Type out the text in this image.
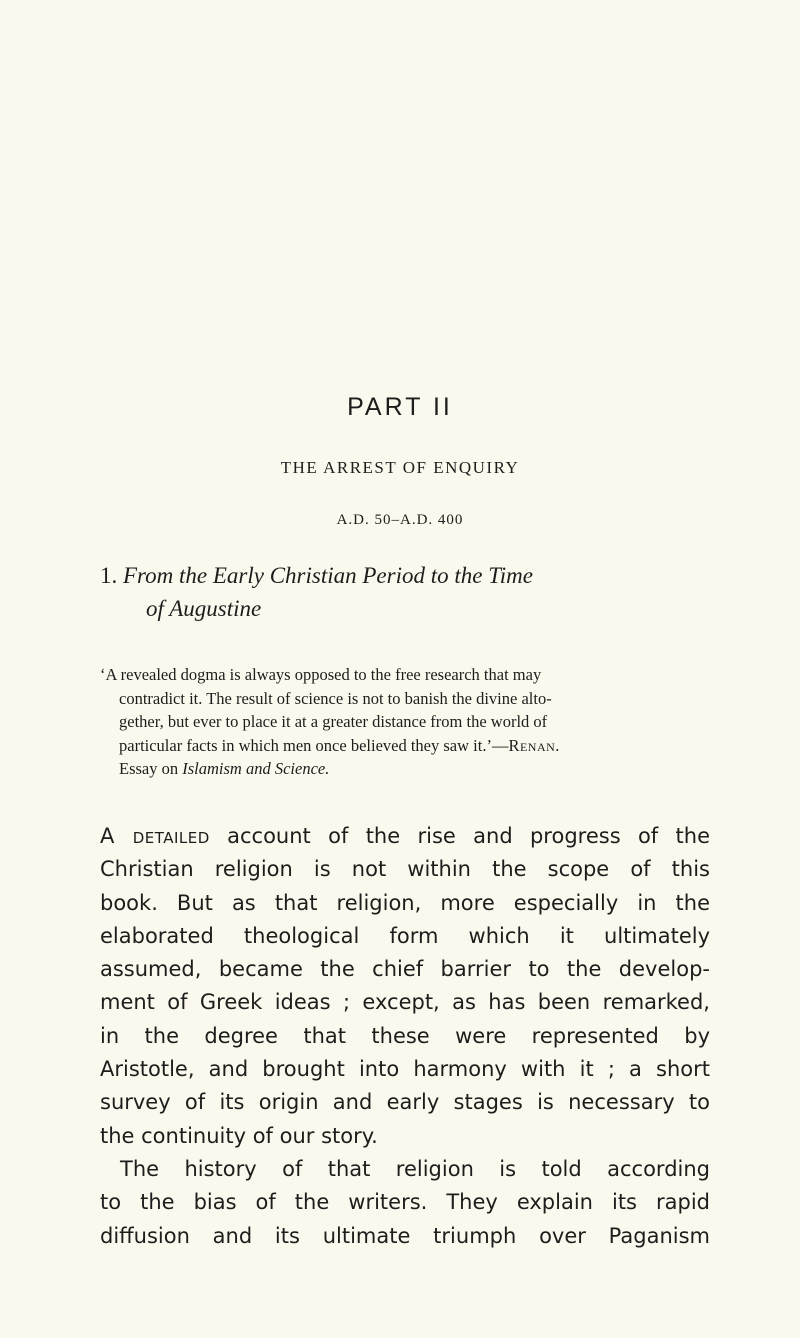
PART II
THE ARREST OF ENQUIRY
A.D. 50–A.D. 400
1. From the Early Christian Period to the Time
of Augustine
‘A revealed dogma is always opposed to the free research that may
contradict it. The result of science is not to banish the divine alto-
gether, but ever to place it at a greater distance from the world of
particular facts in which men once believed they saw it.’—Renan.
Essay on Islamism and Science.
A detailed account of the rise and progress of the
Christian religion is not within the scope of this
book. But as that religion, more especially in the
elaborated theological form which it ultimately
assumed, became the chief barrier to the develop-
ment of Greek ideas ; except, as has been remarked,
in the degree that these were represented by
Aristotle, and brought into harmony with it ; a short
survey of its origin and early stages is necessary to
the continuity of our story.
The history of that religion is told according
to the bias of the writers. They explain its rapid
diffusion and its ultimate triumph over Paganism
